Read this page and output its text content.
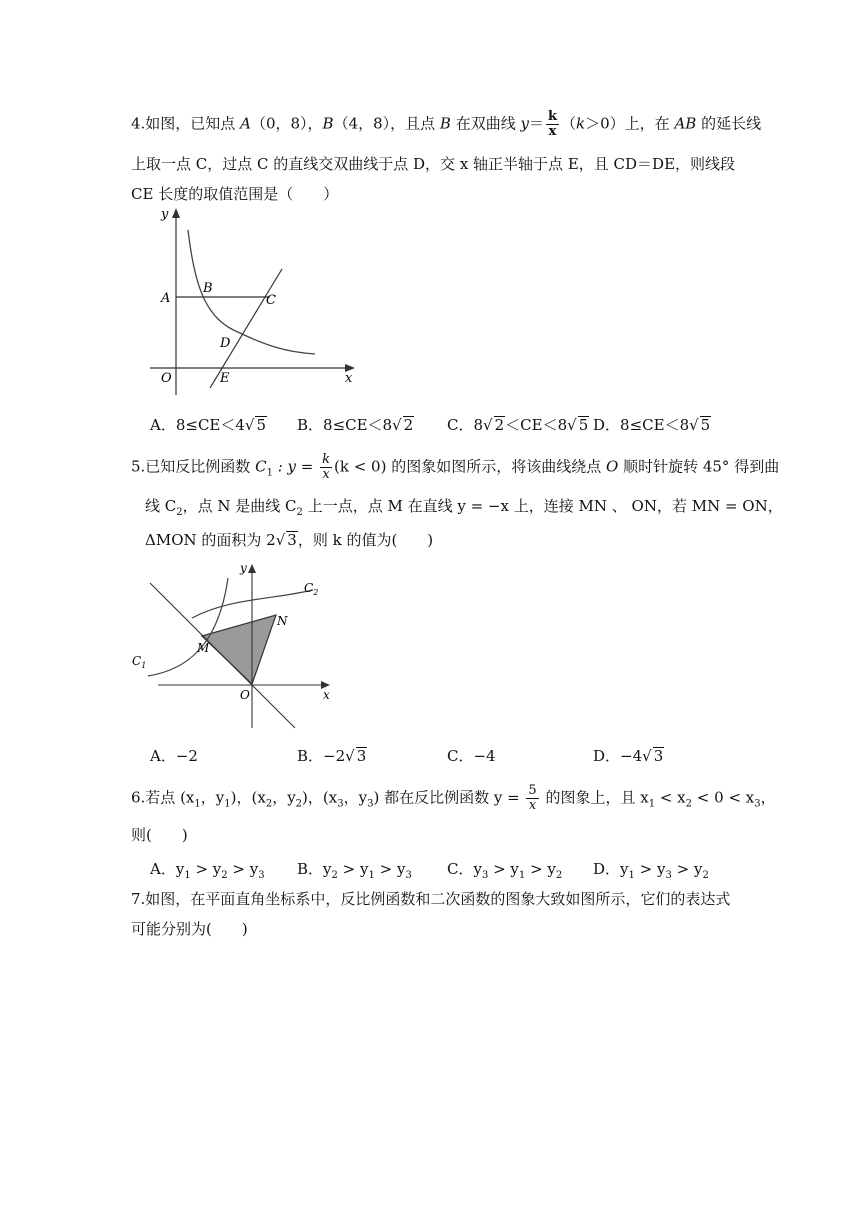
4.如图，已知点 A（0，8），B（4，8），且点 B 在双曲线 $y= \frac{k}{x} (k>0)$上，在 AB 的延长线
上取一点 C，过点 C 的直线交双曲线于点 D，交 x 轴正半轴于点 E，且 CD＝DE，则线段
CE 长度的取值范围是（　　）
y
A
B
C
D
O	E	x
A．8≤CE＜4√ 5 B．8≤CE＜8√ 2 C．8√ 2＜CE＜8√ 5 D．8≤CE＜8√ 5
5.已知反比例函数 $C_1$ : $y = \frac{k}{x} (k < 0)$ 的图象如图所示，将该曲线绕点 O 顺时针旋转 45° 得到曲
线 $C_2$，点 N 是曲线 $C_2$ 上一点，点 M 在直线 y = −x 上，连接 MN 、 ON，若 MN = ON，
ΔMON 的面积为 2√ 3，则 k 的值为(　　)
y
$C_2$
N
M
$C_1$
O	x
A．−2	B．−2√ 3	C．−4	D．−4√ 3
6.若点 ($x_1$，$y_1$)，($x_2$，$y_2$)，($x_3$，$y_3$) 都在反比例函数 $y = \frac{5}{x}$ 的图象上，且 $x_1 < x_2 < 0 < x_3$，
则(　　)
A．$y_1 > y_2 > y_3$ B．$y_2 > y_1 > y_3$ C．$y_3 > y_1 > y_2$ D．$y_1 > y_3 > y_2$
7.如图，在平面直角坐标系中，反比例函数和二次函数的图象大致如图所示，它们的表达式
可能分别为(　　)
